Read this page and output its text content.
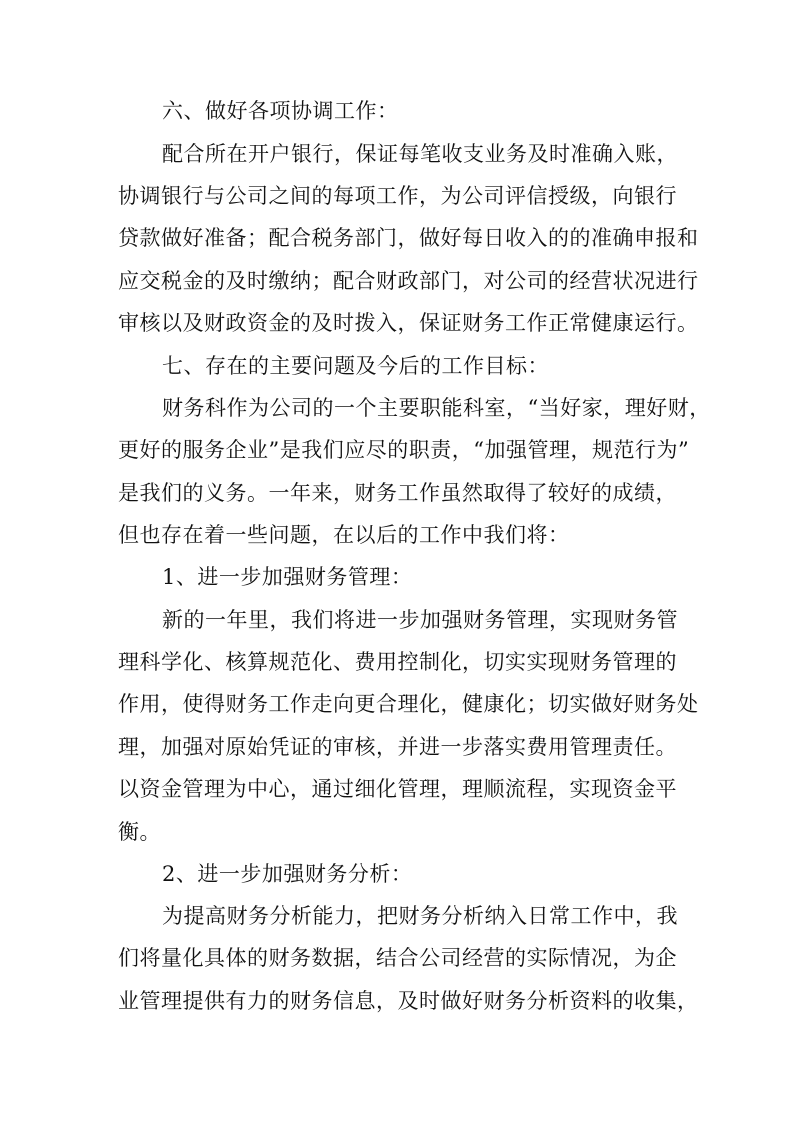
六、做好各项协调工作：
配合所在开户银行，保证每笔收支业务及时准确入账，
协调银行与公司之间的每项工作，为公司评信授级，向银行
贷款做好准备；配合税务部门，做好每日收入的的准确申报和
应交税金的及时缴纳；配合财政部门，对公司的经营状况进行
审核以及财政资金的及时拨入，保证财务工作正常健康运行。
七、存在的主要问题及今后的工作目标：
财务科作为公司的一个主要职能科室，“当好家，理好财，
更好的服务企业”是我们应尽的职责，“加强管理，规范行为”
是我们的义务。一年来，财务工作虽然取得了较好的成绩，
但也存在着一些问题，在以后的工作中我们将：
1、进一步加强财务管理：
新的一年里，我们将进一步加强财务管理，实现财务管
理科学化、核算规范化、费用控制化，切实实现财务管理的
作用，使得财务工作走向更合理化，健康化；切实做好财务处
理，加强对原始凭证的审核，并进一步落实费用管理责任。
以资金管理为中心，通过细化管理，理顺流程，实现资金平
衡。
2、进一步加强财务分析：
为提高财务分析能力，把财务分析纳入日常工作中，我
们将量化具体的财务数据，结合公司经营的实际情况，为企
业管理提供有力的财务信息，及时做好财务分析资料的收集，
